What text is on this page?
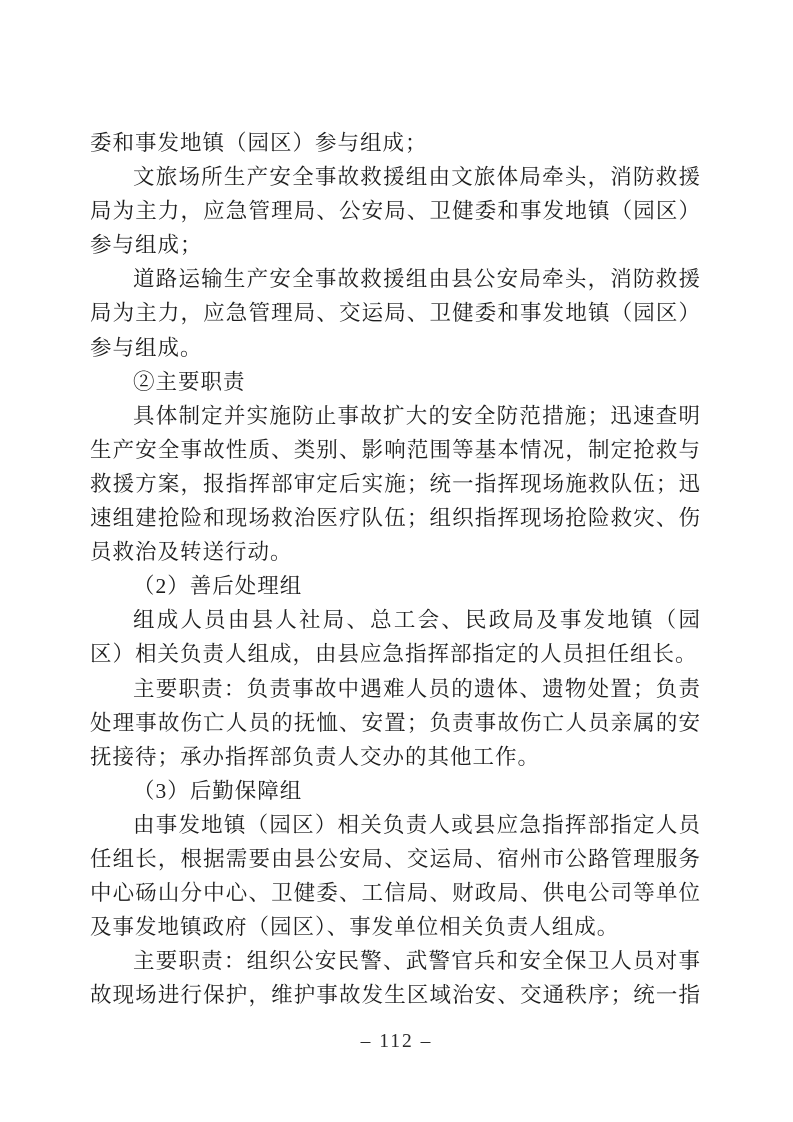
委和事发地镇（园区）参与组成；
文旅场所生产安全事故救援组由文旅体局牵头，消防救援
局为主力，应急管理局、公安局、卫健委和事发地镇（园区）
参与组成；
道路运输生产安全事故救援组由县公安局牵头，消防救援
局为主力，应急管理局、交运局、卫健委和事发地镇（园区）
参与组成。
②主要职责
具体制定并实施防止事故扩大的安全防范措施；迅速查明
生产安全事故性质、类别、影响范围等基本情况，制定抢救与
救援方案，报指挥部审定后实施；统一指挥现场施救队伍；迅
速组建抢险和现场救治医疗队伍；组织指挥现场抢险救灾、伤
员救治及转送行动。
（2）善后处理组
组成人员由县人社局、总工会、民政局及事发地镇（园
区）相关负责人组成，由县应急指挥部指定的人员担任组长。
主要职责：负责事故中遇难人员的遗体、遗物处置；负责
处理事故伤亡人员的抚恤、安置；负责事故伤亡人员亲属的安
抚接待；承办指挥部负责人交办的其他工作。
（3）后勤保障组
由事发地镇（园区）相关负责人或县应急指挥部指定人员
任组长，根据需要由县公安局、交运局、宿州市公路管理服务
中心砀山分中心、卫健委、工信局、财政局、供电公司等单位
及事发地镇政府（园区）、事发单位相关负责人组成。
主要职责：组织公安民警、武警官兵和安全保卫人员对事
故现场进行保护，维护事故发生区域治安、交通秩序；统一指
– 112 –
